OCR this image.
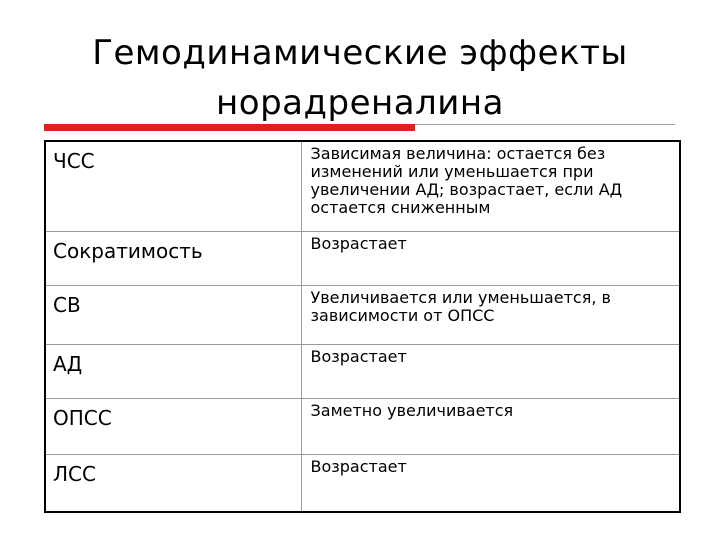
Гемодинамические эффекты
норадреналина
ЧСС	Зависимая величина: остается без изменений или уменьшается при увеличении АД; возрастает, если АД остается сниженным
Сократимость	Возрастает
СВ	Увеличивается или уменьшается, в зависимости от ОПСС
АД	Возрастает
ОПСС	Заметно увеличивается
ЛСС	Возрастает
